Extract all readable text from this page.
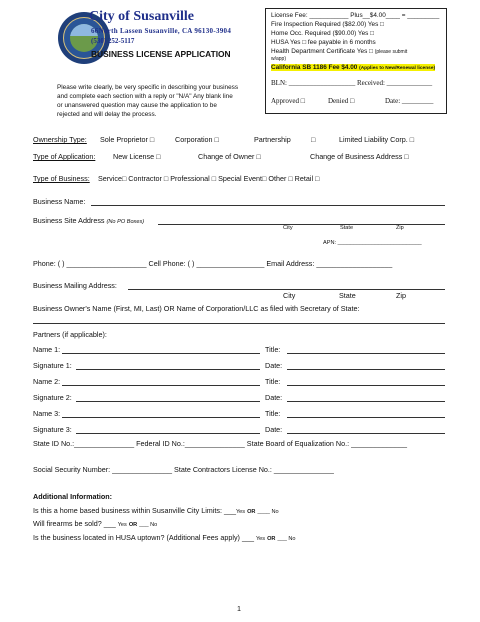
City of Susanville
66North Lassen Susanville, CA 96130-3904
(530) 252-5117
BUSINESS LICENSE APPLICATION
License Fee: ___________ Plus__$4.00____ = _________
Fire Inspection Required ($82.00) Yes □
Home Occ. Required ($90.00) Yes □
HUSA Yes □ fee payable in 6 months
Health Department Certificate Yes □ (please submit
w/app)
California SB 1186 Fee $4.00 (Applies to New/Renewal license)
BLN: ___________________ Received: _____________
Approved □	Denied □	Date: _________
Please write clearly, be very specific in describing your business
and complete each section with a reply or "N/A" Any blank line
or unanswered question may cause the application to be
rejected and will delay the process.
Ownership Type: Sole Proprietor □	Corporation □	Partnership	□	Limited Liability Corp. □
Type of Application: New License □	Change of Owner □	Change of Business Address □
Type of Business: Service□ Contractor □ Professional □ Special Event□ Other □ Retail □
Business Name:
Business Site Address (No PO Boxes)
City	State	Zip
APN: ___________________________
Phone: ( ) ____________________ Cell Phone: ( ) _________________ Email Address: ___________________
Business Mailing Address:
City	State	Zip
Business Owner's Name (First, MI, Last) OR Name of Corporation/LLC as filed with Secretary of State:
Partners (if applicable):
Name 1:	Title:
Signature 1:	Date:
Name 2:	Title:
Signature 2:	Date:
Name 3:	Title:
Signature 3:	Date:
State ID No.:_______________ Federal ID No.:_______________ State Board of Equalization No.: ______________
Social Security Number: _______________ State Contractors License No.: _______________
Additional Information:
Is this a home based business within Susanville City Limits: ___Yes OR ____ No
Will firearms be sold? ___ Yes OR ___ No
Is the business located in HUSA uptown? (Additional Fees apply) ___ Yes OR ___ No
1
